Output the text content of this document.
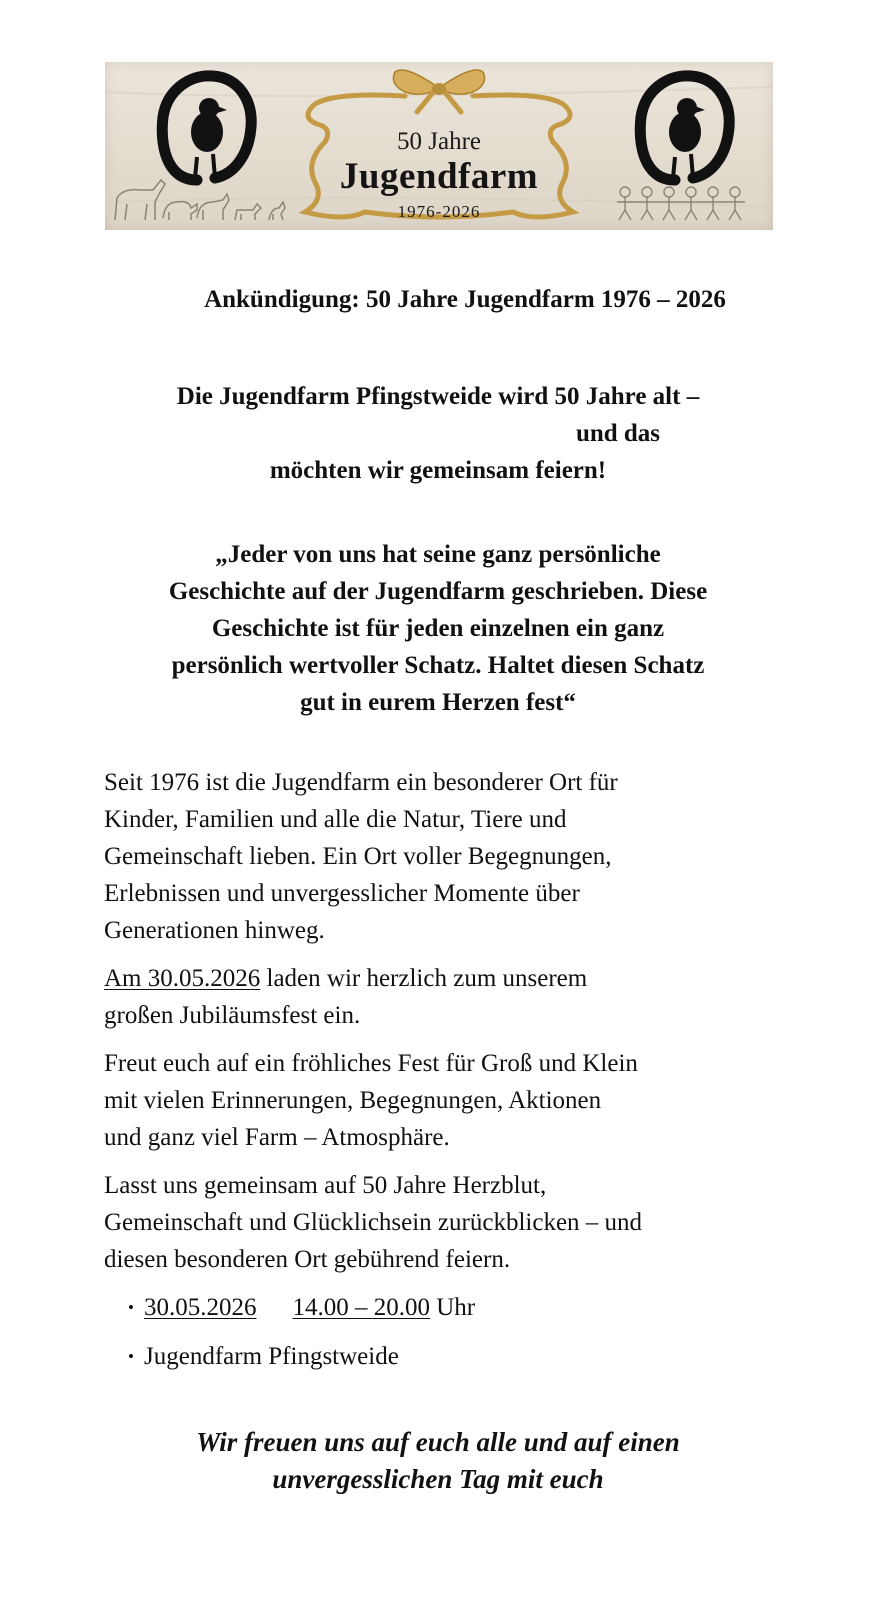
50 Jahre
Jugendfarm
1976-2026
Ankündigung: 50 Jahre Jugendfarm 1976 – 2026
Die Jugendfarm Pfingstweide wird 50 Jahre alt –
und das
möchten wir gemeinsam feiern!
„Jeder von uns hat seine ganz persönliche
Geschichte auf der Jugendfarm geschrieben. Diese
Geschichte ist für jeden einzelnen ein ganz
persönlich wertvoller Schatz. Haltet diesen Schatz
gut in eurem Herzen fest“

Seit 1976 ist die Jugendfarm ein besonderer Ort für
Kinder, Familien und alle die Natur, Tiere und
Gemeinschaft lieben. Ein Ort voller Begegnungen,
Erlebnissen und unvergesslicher Momente über
Generationen hinweg.

Am 30.05.2026 laden wir herzlich zum unserem
großen Jubiläumsfest ein.

Freut euch auf ein fröhliches Fest für Groß und Klein
mit vielen Erinnerungen, Begegnungen, Aktionen
und ganz viel Farm – Atmosphäre.

Lasst uns gemeinsam auf 50 Jahre Herzblut,
Gemeinschaft und Glücklichsein zurückblicken – und
diesen besonderen Ort gebührend feiern.

• 30.05.2026 14.00 – 20.00 Uhr
• Jugendfarm Pfingstweide
Wir freuen uns auf euch alle und auf einen
unvergesslichen Tag mit euch
